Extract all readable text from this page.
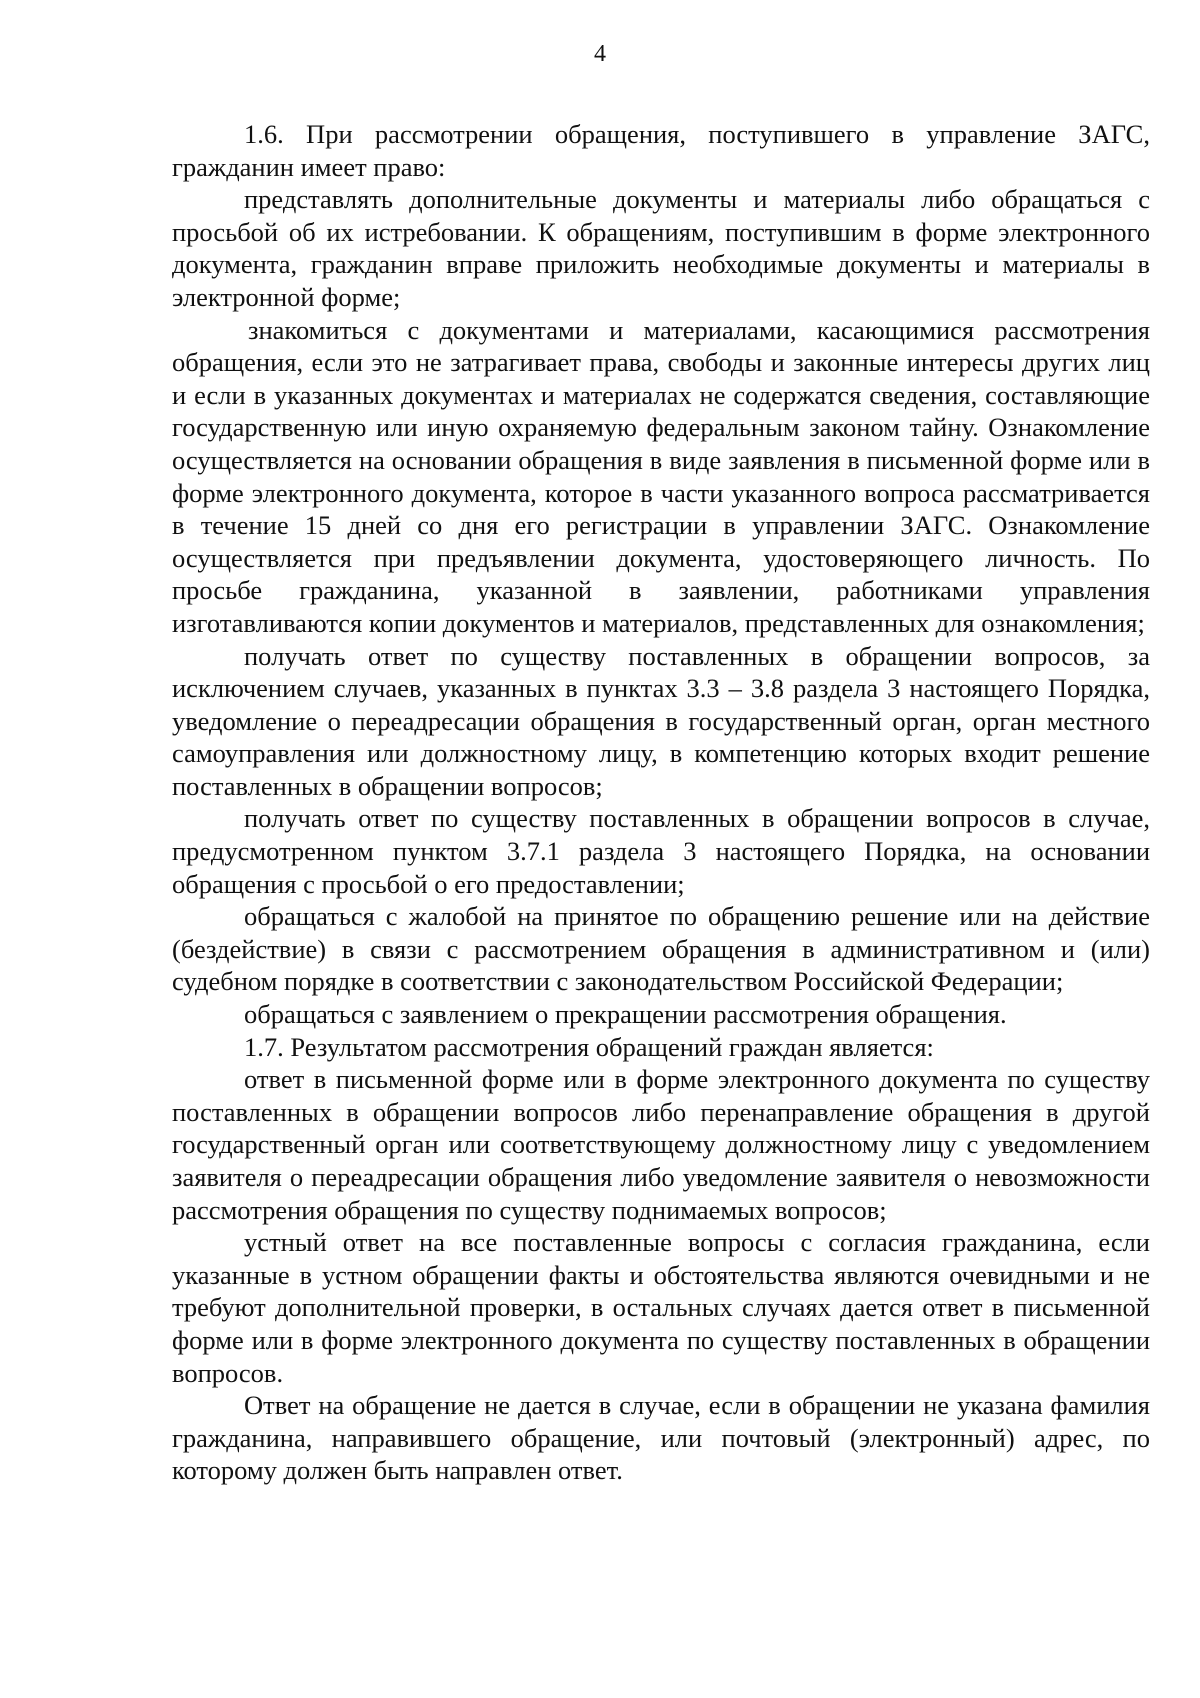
4

1.6. При рассмотрении обращения, поступившего в управление ЗАГС, гражданин имеет право:

представлять дополнительные документы и материалы либо обращаться с просьбой об их истребовании. К обращениям, поступившим в форме электронного документа, гражданин вправе приложить необходимые документы и материалы в электронной форме;

знакомиться с документами и материалами, касающимися рассмотрения обращения, если это не затрагивает права, свободы и законные интересы других лиц и если в указанных документах и материалах не содержатся сведения, составляющие государственную или иную охраняемую федеральным законом тайну. Ознакомление осуществляется на основании обращения в виде заявления в письменной форме или в форме электронного документа, которое в части указанного вопроса рассматривается в течение 15 дней со дня его регистрации в управлении ЗАГС. Ознакомление осуществляется при предъявлении документа, удостоверяющего личность. По просьбе гражданина, указанной в заявлении, работниками управления изготавливаются копии документов и материалов, представленных для ознакомления;

получать ответ по существу поставленных в обращении вопросов, за исключением случаев, указанных в пунктах 3.3 – 3.8 раздела 3 настоящего Порядка, уведомление о переадресации обращения в государственный орган, орган местного самоуправления или должностному лицу, в компетенцию которых входит решение поставленных в обращении вопросов;

получать ответ по существу поставленных в обращении вопросов в случае, предусмотренном пунктом 3.7.1 раздела 3 настоящего Порядка, на основании обращения с просьбой о его предоставлении;

обращаться с жалобой на принятое по обращению решение или на действие (бездействие) в связи с рассмотрением обращения в административном и (или) судебном порядке в соответствии с законодательством Российской Федерации;

обращаться с заявлением о прекращении рассмотрения обращения.

1.7. Результатом рассмотрения обращений граждан является:

ответ в письменной форме или в форме электронного документа по существу поставленных в обращении вопросов либо перенаправление обращения в другой государственный орган или соответствующему должностному лицу с уведомлением заявителя о переадресации обращения либо уведомление заявителя о невозможности рассмотрения обращения по существу поднимаемых вопросов;

устный ответ на все поставленные вопросы с согласия гражданина, если указанные в устном обращении факты и обстоятельства являются очевидными и не требуют дополнительной проверки, в остальных случаях дается ответ в письменной форме или в форме электронного документа по существу поставленных в обращении вопросов.

Ответ на обращение не дается в случае, если в обращении не указана фамилия гражданина, направившего обращение, или почтовый (электронный) адрес, по которому должен быть направлен ответ.
